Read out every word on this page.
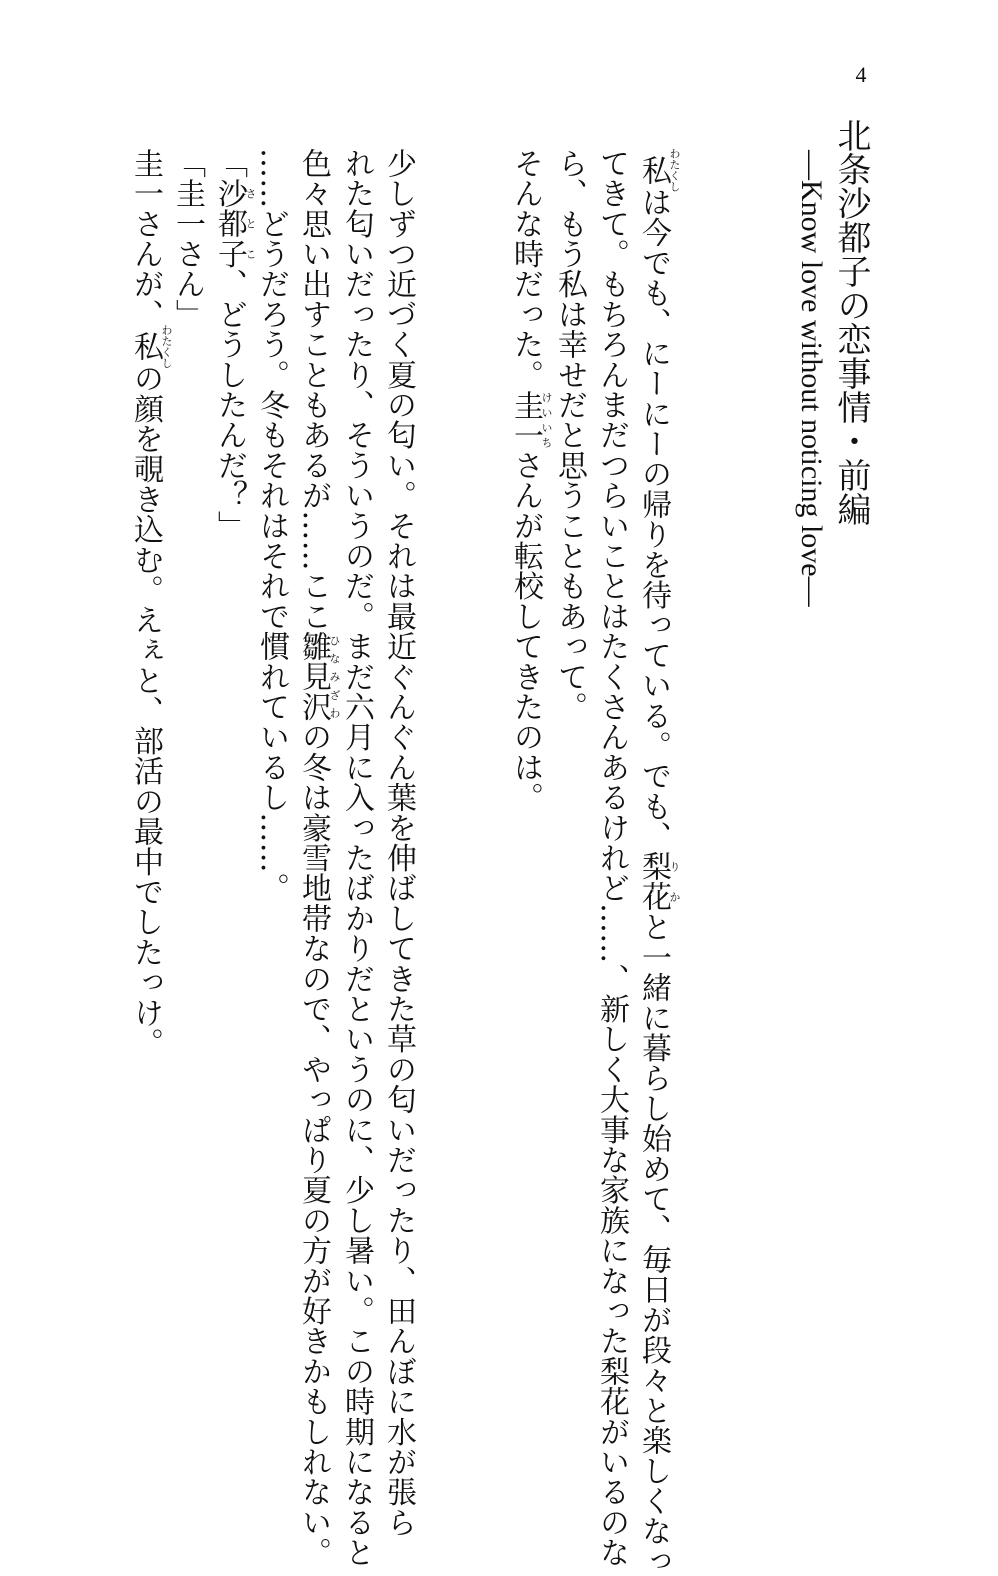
4
北条沙都子の恋事情・前編
―Know love without noticing love―
私わたくしは今でも、にーにーの帰りを待っている。でも、梨花りかと一緒に暮らし始めて、毎日が段々と楽しくなっ
てきて。もちろんまだつらいことはたくさんあるけれど……、新しく大事な家族になった梨花がいるのな
ら、もう私は幸せだと思うこともあって。
そんな時だった。圭一けいいちさんが転校してきたのは。
少しずつ近づく夏の匂い。それは最近ぐんぐん葉を伸ばしてきた草の匂いだったり、田んぼに水が張ら
れた匂いだったり、そういうのだ。まだ六月に入ったばかりだというのに、少し暑い。この時期になると
色々思い出すこともあるが……ここ雛見沢ひなみざわの冬は豪雪地帯なので、やっぱり夏の方が好きかもしれない。
……どうだろう。冬もそれはそれで慣れているし……。
「沙都子さとこ、どうしたんだ？」
「圭一さん」
圭一さんが、私わたくしの顔を覗き込む。えぇと、部活の最中でしたっけ。
